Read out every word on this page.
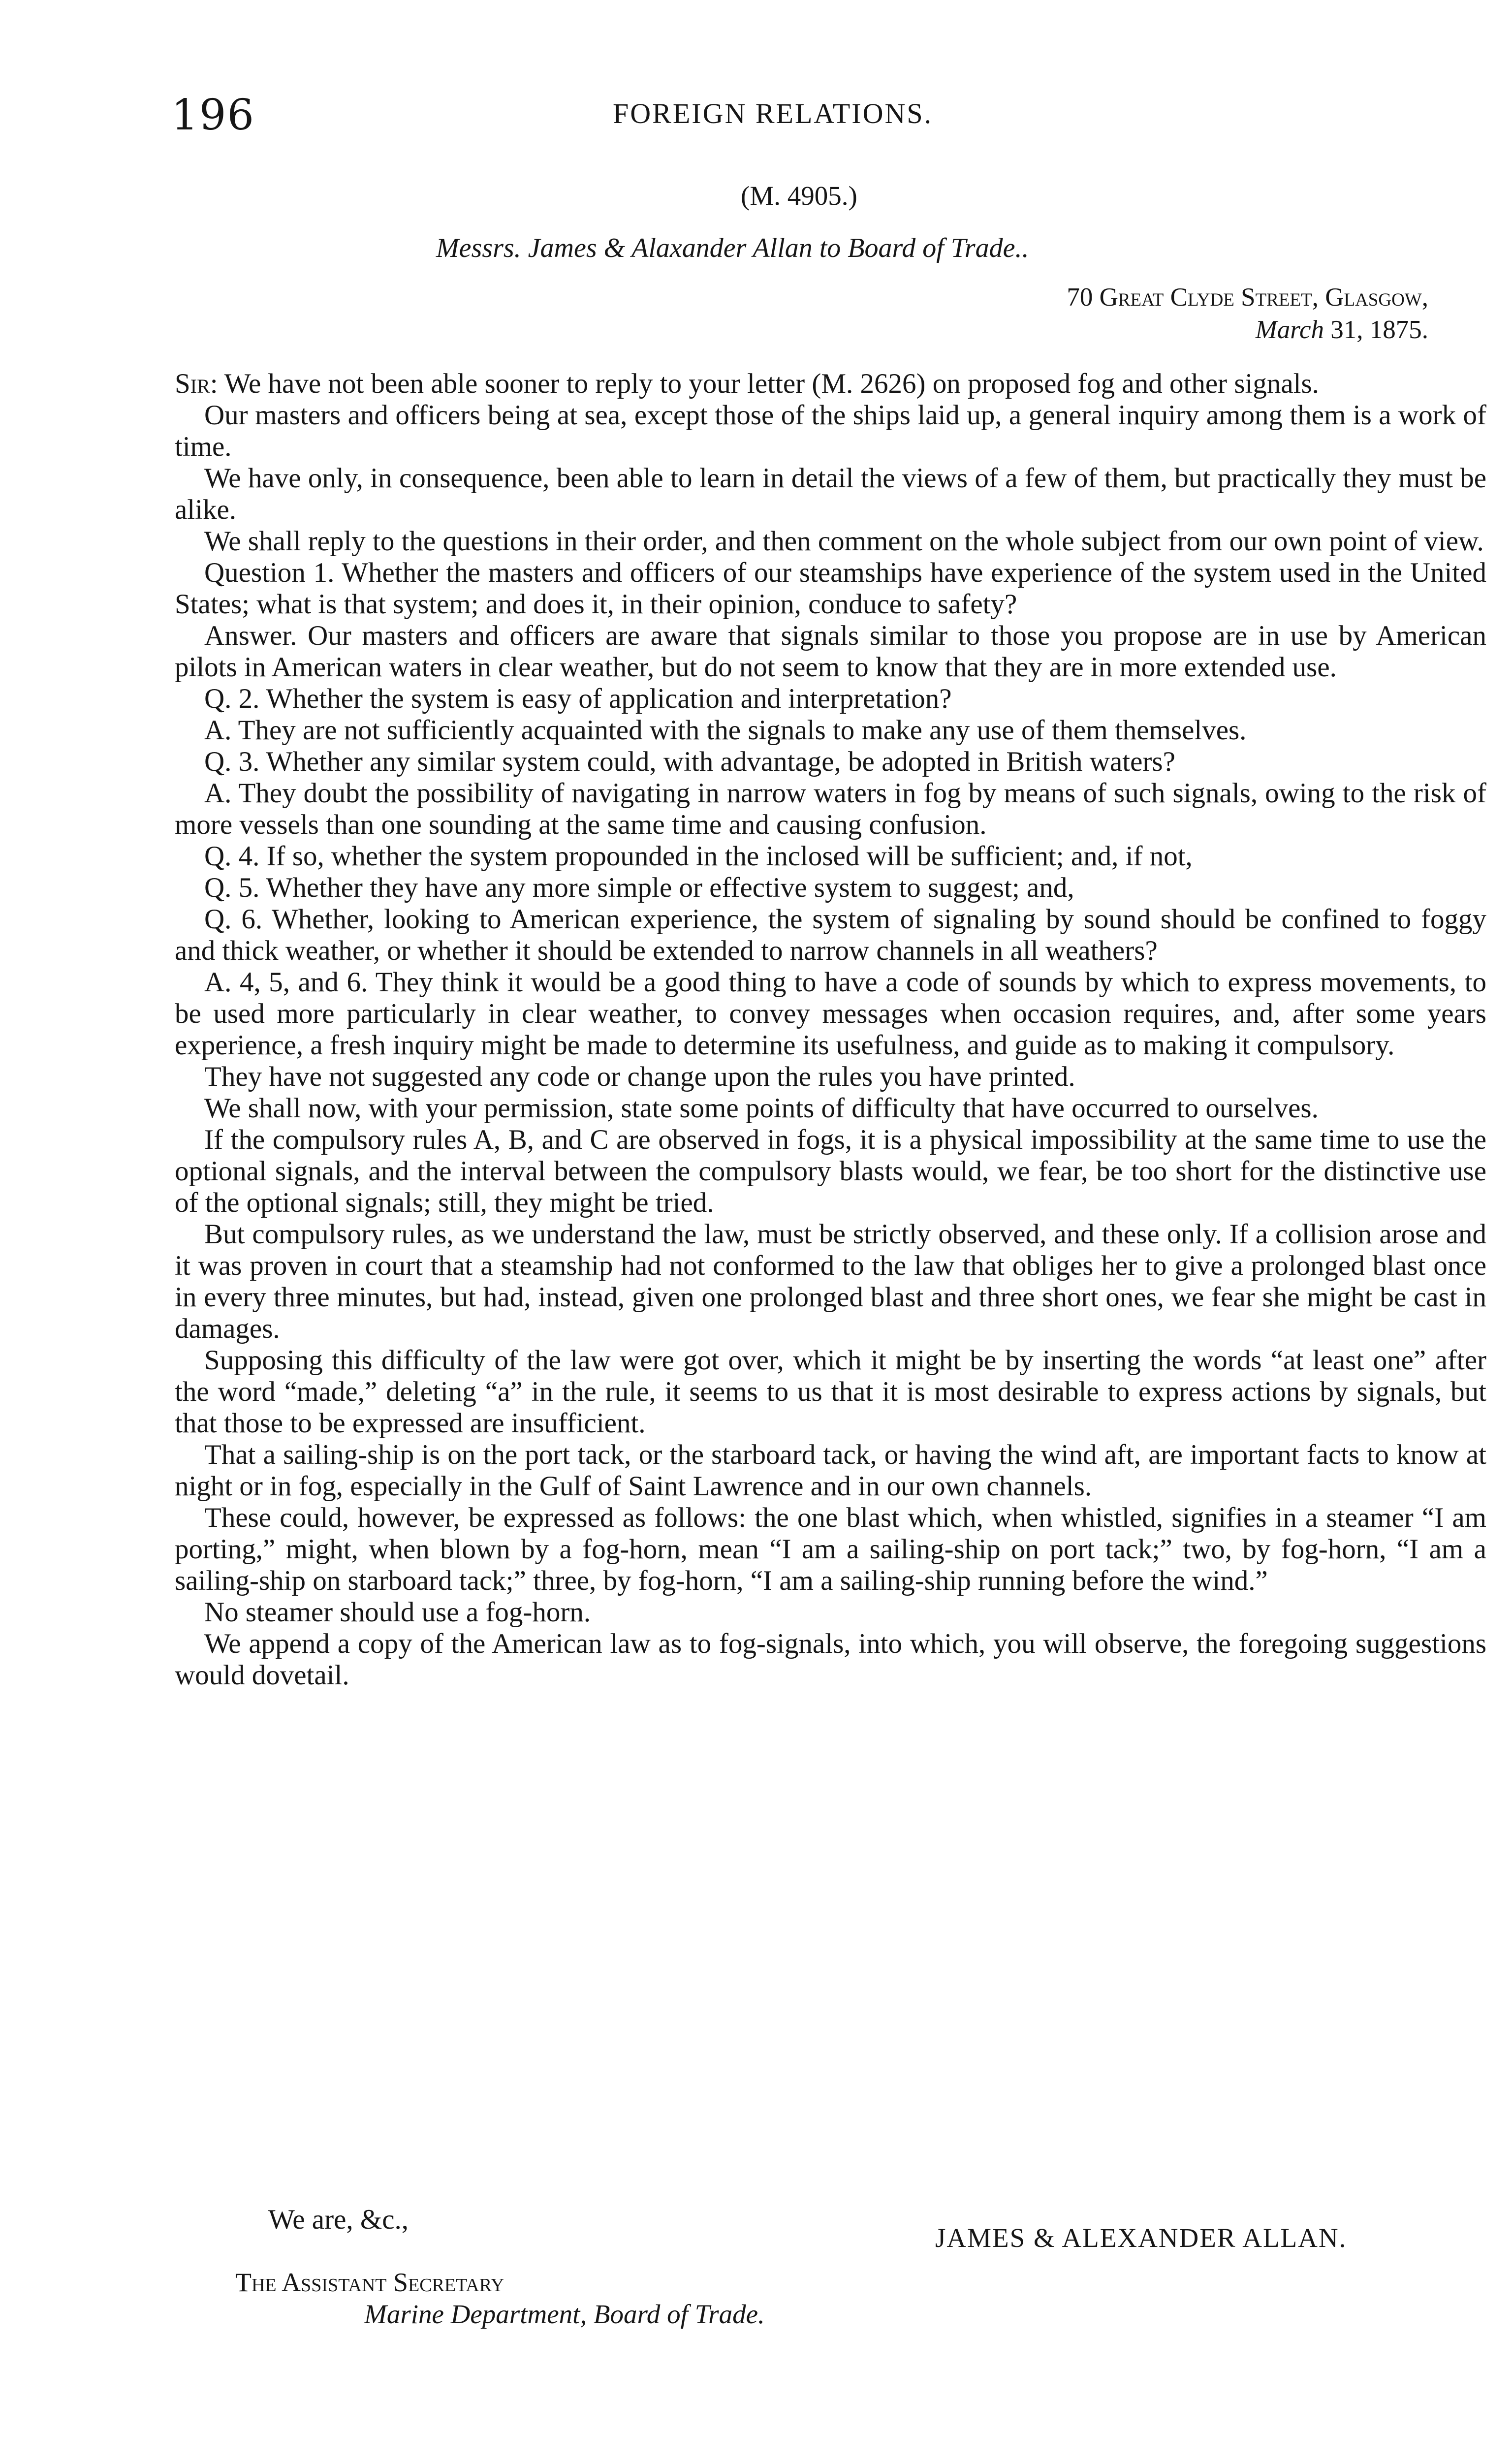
196	FOREIGN RELATIONS.
(M. 4905.)
Messrs. James & Alaxander Allan to Board of Trade..
70 Great Clyde Street, Glasgow,
March 31, 1875.

Sir: We have not been able sooner to reply to your letter (M. 2626) on proposed fog and other signals.

Our masters and officers being at sea, except those of the ships laid up, a general inquiry among them is a work of time.

We have only, in consequence, been able to learn in detail the views of a few of them, but practically they must be alike.

We shall reply to the questions in their order, and then comment on the whole subject from our own point of view.

Question 1. Whether the masters and officers of our steamships have experience of the system used in the United States; what is that system; and does it, in their opinion, conduce to safety?

Answer. Our masters and officers are aware that signals similar to those you propose are in use by American pilots in American waters in clear weather, but do not seem to know that they are in more extended use.

Q. 2. Whether the system is easy of application and interpretation?

A. They are not sufficiently acquainted with the signals to make any use of them themselves.

Q. 3. Whether any similar system could, with advantage, be adopted in British waters?

A. They doubt the possibility of navigating in narrow waters in fog by means of such signals, owing to the risk of more vessels than one sounding at the same time and causing confusion.

Q. 4. If so, whether the system propounded in the inclosed will be sufficient; and, if not,

Q. 5. Whether they have any more simple or effective system to suggest; and,

Q. 6. Whether, looking to American experience, the system of signaling by sound should be confined to foggy and thick weather, or whether it should be extended to narrow channels in all weathers?

A. 4, 5, and 6. They think it would be a good thing to have a code of sounds by which to express movements, to be used more particularly in clear weather, to convey messages when occasion requires, and, after some years experience, a fresh inquiry might be made to determine its usefulness, and guide as to making it compulsory.

They have not suggested any code or change upon the rules you have printed.

We shall now, with your permission, state some points of difficulty that have occurred to ourselves.

If the compulsory rules A, B, and C are observed in fogs, it is a physical impossibility at the same time to use the optional signals, and the interval between the compulsory blasts would, we fear, be too short for the distinctive use of the optional signals; still, they might be tried.

But compulsory rules, as we understand the law, must be strictly observed, and these only. If a collision arose and it was proven in court that a steamship had not conformed to the law that obliges her to give a prolonged blast once in every three minutes, but had, instead, given one prolonged blast and three short ones, we fear she might be cast in damages.

Supposing this difficulty of the law were got over, which it might be by inserting the words “at least one” after the word “made,” deleting “a” in the rule, it seems to us that it is most desirable to express actions by signals, but that those to be expressed are insufficient.

That a sailing-ship is on the port tack, or the starboard tack, or having the wind aft, are important facts to know at night or in fog, especially in the Gulf of Saint Lawrence and in our own channels.

These could, however, be expressed as follows: the one blast which, when whistled, signifies in a steamer “I am porting,” might, when blown by a fog-horn, mean “I am a sailing-ship on port tack;” two, by fog-horn, “I am a sailing-ship on starboard tack;” three, by fog-horn, “I am a sailing-ship running before the wind.”

No steamer should use a fog-horn.

We append a copy of the American law as to fog-signals, into which, you will observe, the foregoing suggestions would dovetail.

We are, &c.,
JAMES & ALEXANDER ALLAN.
The Assistant Secretary
Marine Department, Board of Trade.
